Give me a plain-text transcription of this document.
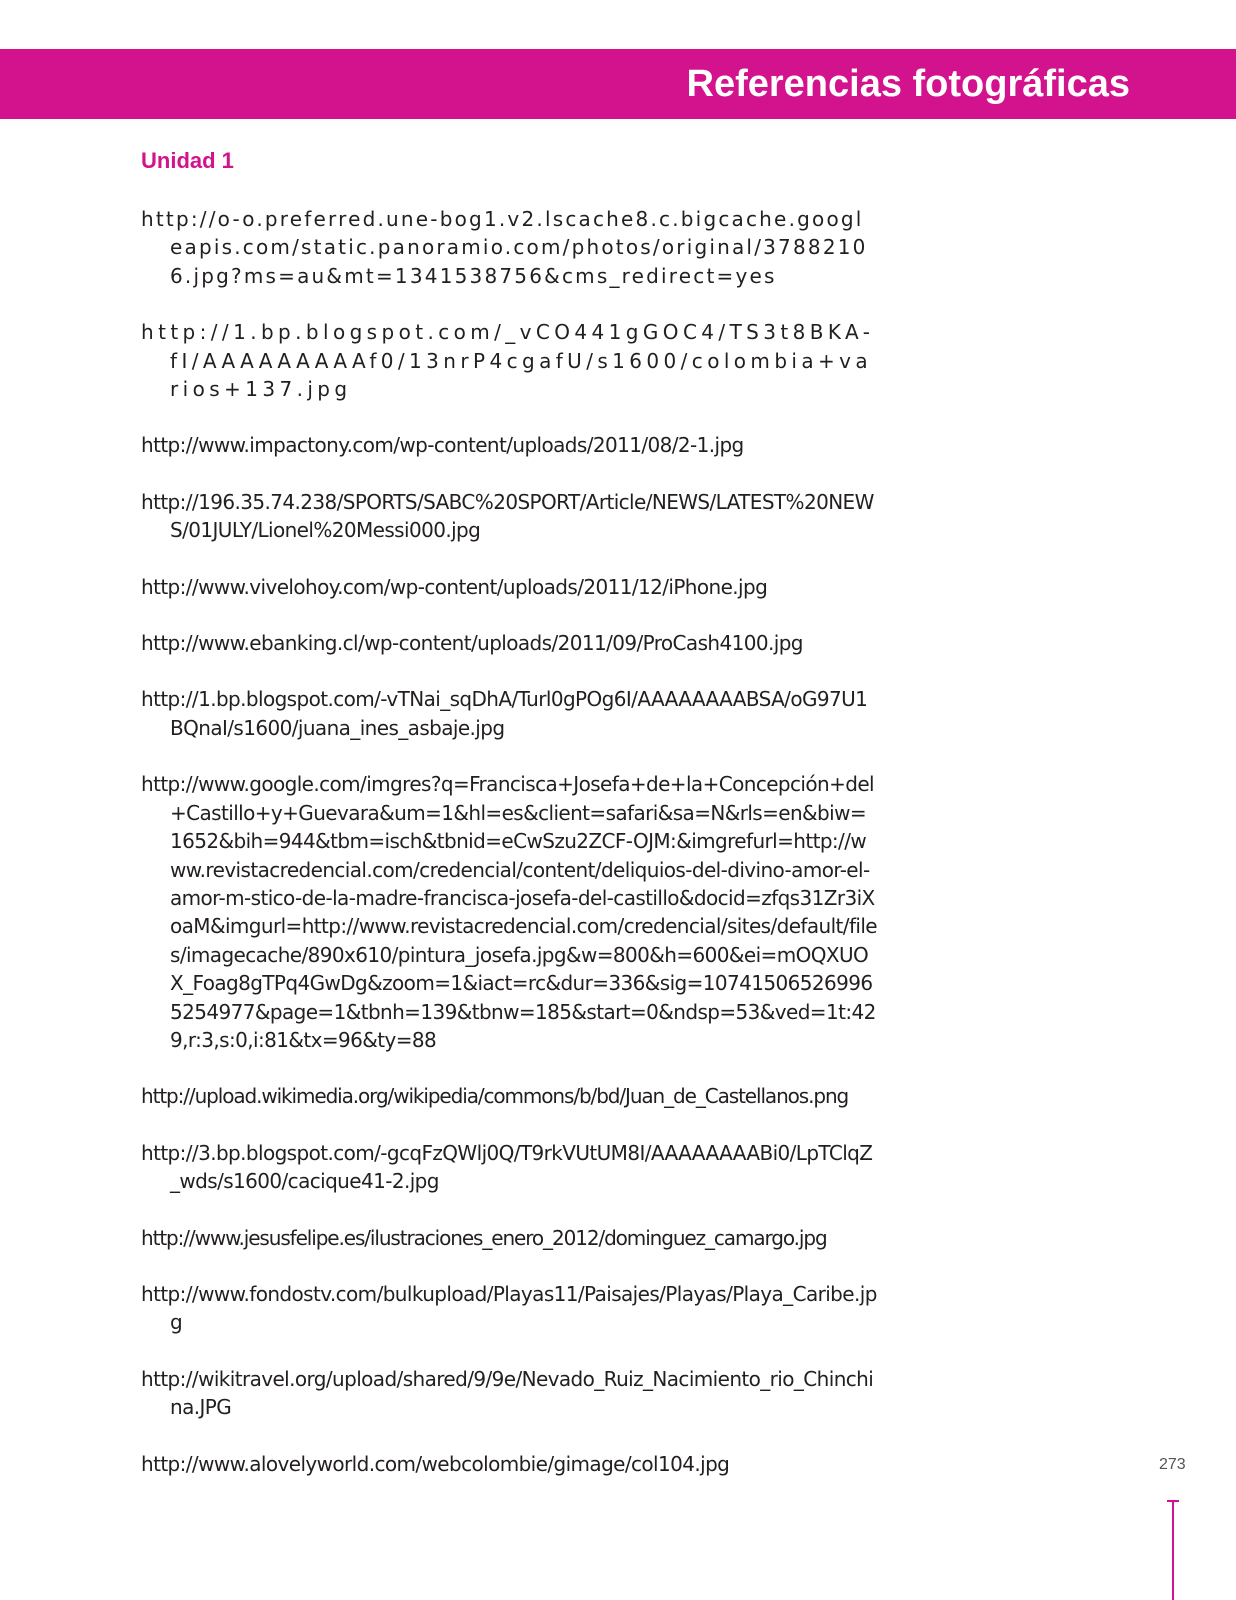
Referencias fotográficas
Unidad 1
http://o-o.preferred.une-bog1.v2.lscache8.c.bigcache.googleapis.com/static.panoramio.com/photos/original/37882106.jpg?ms=au&mt=1341538756&cms_redirect=yes
http://1.bp.blogspot.com/_vCO441gGOC4/TS3t8BKA-fI/AAAAAAAAAf0/13nrP4cgafU/s1600/colombia+varios+137.jpg
http://www.impactony.com/wp-content/uploads/2011/08/2-1.jpg
http://196.35.74.238/SPORTS/SABC%20SPORT/Article/NEWS/LATEST%20NEWS/01JULY/Lionel%20Messi000.jpg
http://www.vivelohoy.com/wp-content/uploads/2011/12/iPhone.jpg
http://www.ebanking.cl/wp-content/uploads/2011/09/ProCash4100.jpg
http://1.bp.blogspot.com/-vTNai_sqDhA/Turl0gPOg6I/AAAAAAAABSA/oG97U1BQnaI/s1600/juana_ines_asbaje.jpg
http://www.google.com/imgres?q=Francisca+Josefa+de+la+Concepción+del+Castillo+y+Guevara&um=1&hl=es&client=safari&sa=N&rls=en&biw=1652&bih=944&tbm=isch&tbnid=eCwSzu2ZCF-OJM:&imgrefurl=http://www.revistacredencial.com/credencial/content/deliquios-del-divino-amor-el-amor-m-stico-de-la-madre-francisca-josefa-del-castillo&docid=zfqs31Zr3iXoaM&imgurl=http://www.revistacredencial.com/credencial/sites/default/files/imagecache/890x610/pintura_josefa.jpg&w=800&h=600&ei=mOQXUOX_Foag8gTPq4GwDg&zoom=1&iact=rc&dur=336&sig=107415065269965254977&page=1&tbnh=139&tbnw=185&start=0&ndsp=53&ved=1t:429,r:3,s:0,i:81&tx=96&ty=88
http://upload.wikimedia.org/wikipedia/commons/b/bd/Juan_de_Castellanos.png
http://3.bp.blogspot.com/-gcqFzQWlj0Q/T9rkVUtUM8I/AAAAAAAABi0/LpTClqZ_wds/s1600/cacique41-2.jpg
http://www.jesusfelipe.es/ilustraciones_enero_2012/dominguez_camargo.jpg
http://www.fondostv.com/bulkupload/Playas11/Paisajes/Playas/Playa_Caribe.jpg
http://wikitravel.org/upload/shared/9/9e/Nevado_Ruiz_Nacimiento_rio_Chinchina.JPG
http://www.alovelyworld.com/webcolombie/gimage/col104.jpg	273
